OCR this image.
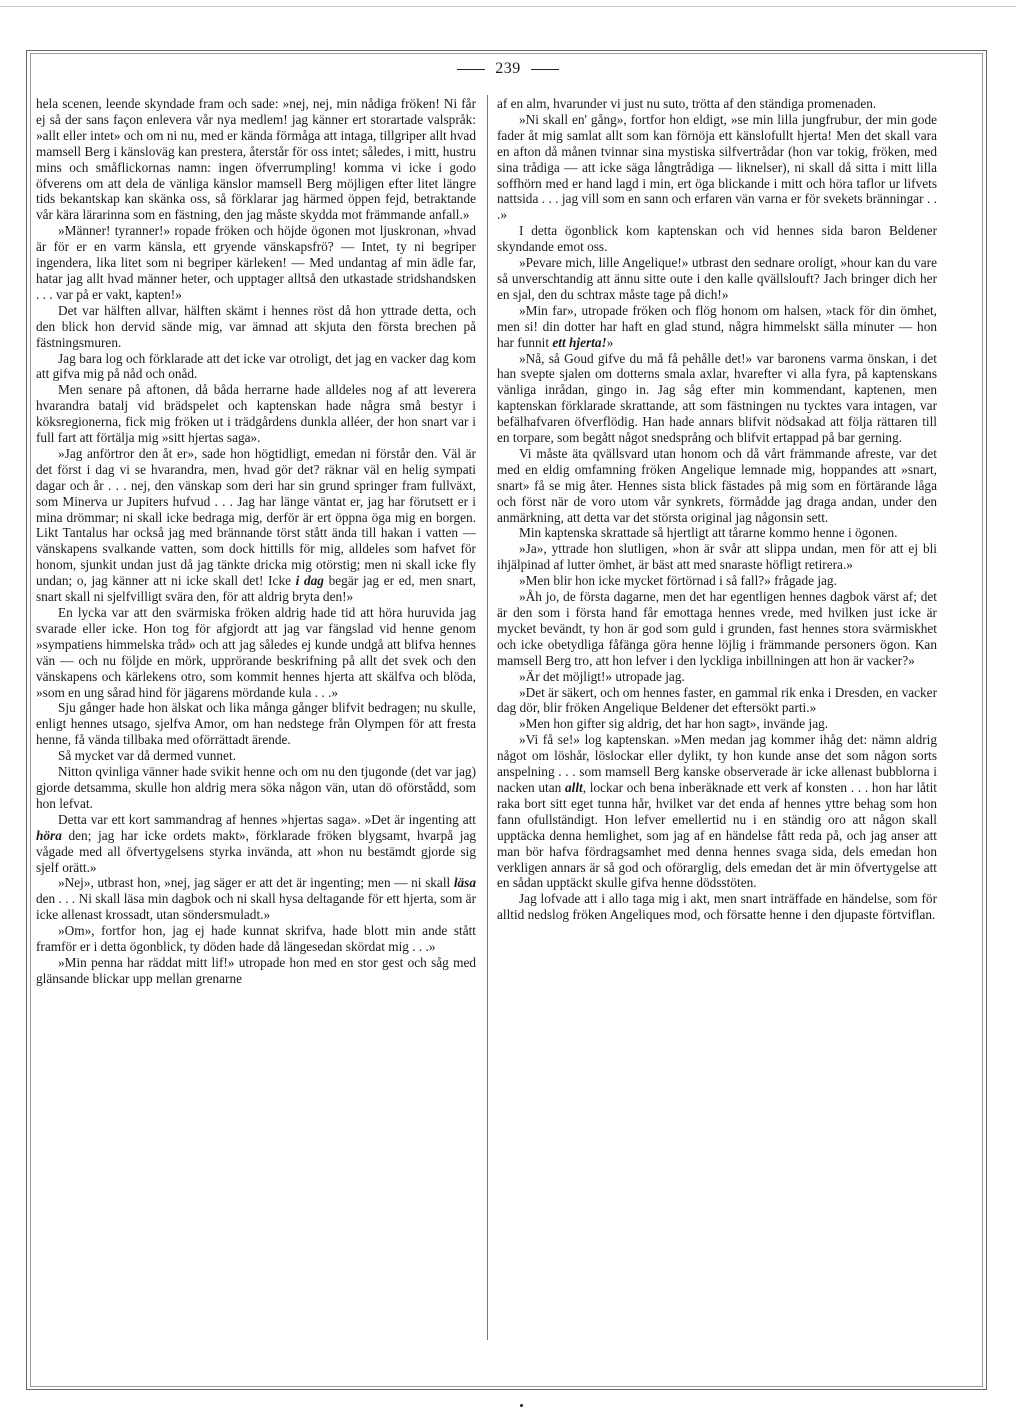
239

hela scenen, leende skyndade fram och sade: »nej, nej, min nådiga fröken! Ni får ej så der sans façon enlevera vår nya medlem! jag känner ert storartade valspråk: »allt eller intet» och om ni nu, med er kända förmåga att intaga, tillgriper allt hvad mamsell Berg i känsloväg kan prestera, återstår för oss intet; således, i mitt, hustru mins och småflickornas namn: ingen öfverrumpling! komma vi icke i godo öfverens om att dela de vänliga känslor mamsell Berg möjligen efter litet längre tids bekantskap kan skänka oss, så förklarar jag härmed öppen fejd, betraktande vår kära lärarinna som en fästning, den jag måste skydda mot främmande anfall.»

»Männer! tyranner!» ropade fröken och höjde ögonen mot ljuskronan, »hvad är för er en varm känsla, ett gryende vänskapsfrö? — Intet, ty ni begriper ingendera, lika litet som ni begriper kärleken! — Med undantag af min ädle far, hatar jag allt hvad männer heter, och upptager alltså den utkastade stridshandsken . . . var på er vakt, kapten!»

Det var hälften allvar, hälften skämt i hennes röst då hon yttrade detta, och den blick hon dervid sände mig, var ämnad att skjuta den första brechen på fästningsmuren.

Jag bara log och förklarade att det icke var otroligt, det jag en vacker dag kom att gifva mig på nåd och onåd.

Men senare på aftonen, då båda herrarne hade alldeles nog af att leverera hvarandra batalj vid brädspelet och kaptenskan hade några små bestyr i köksregionerna, fick mig fröken ut i trädgårdens dunkla alléer, der hon snart var i full fart att förtälja mig »sitt hjertas saga».

»Jag anförtror den åt er», sade hon högtidligt, emedan ni förstår den. Väl är det först i dag vi se hvarandra, men, hvad gör det? räknar väl en helig sympati dagar och år . . . nej, den vänskap som deri har sin grund springer fram fullväxt, som Minerva ur Jupiters hufvud . . . Jag har länge väntat er, jag har förutsett er i mina drömmar; ni skall icke bedraga mig, derför är ert öppna öga mig en borgen. Likt Tantalus har också jag med brännande törst stått ända till hakan i vatten — vänskapens svalkande vatten, som dock hittills för mig, alldeles som hafvet för honom, sjunkit undan just då jag tänkte dricka mig otörstig; men ni skall icke fly undan; o, jag känner att ni icke skall det! Icke i dag begär jag er ed, men snart, snart skall ni sjelfvilligt svära den, för att aldrig bryta den!»

En lycka var att den svärmiska fröken aldrig hade tid att höra huruvida jag svarade eller icke. Hon tog för afgjordt att jag var fängslad vid henne genom »sympatiens himmelska tråd» och att jag således ej kunde undgå att blifva hennes vän — och nu följde en mörk, upprörande beskrifning på allt det svek och den vänskapens och kärlekens otro, som kommit hennes hjerta att skälfva och blöda, »som en ung sårad hind för jägarens mördande kula . . .»

Sju gånger hade hon älskat och lika många gånger blifvit bedragen; nu skulle, enligt hennes utsago, sjelfva Amor, om han nedstege från Olympen för att fresta henne, få vända tillbaka med oförrättadt ärende.

Så mycket var då dermed vunnet.

Nitton qvinliga vänner hade svikit henne och om nu den tjugonde (det var jag) gjorde detsamma, skulle hon aldrig mera söka någon vän, utan dö oförstådd, som hon lefvat.

Detta var ett kort sammandrag af hennes »hjertas saga». »Det är ingenting att höra den; jag har icke ordets makt», förklarade fröken blygsamt, hvarpå jag vågade med all öfvertygelsens styrka invända, att »hon nu bestämdt gjorde sig sjelf orätt.»

»Nej», utbrast hon, »nej, jag säger er att det är ingenting; men — ni skall läsa den . . . Ni skall läsa min dagbok och ni skall hysa deltagande för ett hjerta, som är icke allenast krossadt, utan söndersmuladt.»

»Om», fortfor hon, jag ej hade kunnat skrifva, hade blott min ande stått framför er i detta ögonblick, ty döden hade då längesedan skördat mig . . .»

»Min penna har räddat mitt lif!» utropade hon med en stor gest och såg med glänsande blickar upp mellan grenarne

af en alm, hvarunder vi just nu suto, trötta af den ständiga promenaden.

»Ni skall en' gång», fortfor hon eldigt, »se min lilla jungfrubur, der min gode fader åt mig samlat allt som kan förnöja ett känslofullt hjerta! Men det skall vara en afton då månen tvinnar sina mystiska silfvertrådar (hon var tokig, fröken, med sina trådiga — att icke säga långtrådiga — liknelser), ni skall då sitta i mitt lilla soffhörn med er hand lagd i min, ert öga blickande i mitt och höra taflor ur lifvets nattsida . . . jag vill som en sann och erfaren vän varna er för svekets bränningar . . .»

I detta ögonblick kom kaptenskan och vid hennes sida baron Beldener skyndande emot oss.

»Pevare mich, lille Angelique!» utbrast den sednare oroligt, »hour kan du vare så unverschtandig att ännu sitte oute i den kalle qvällslouft? Jach bringer dich her en sjal, den du schtrax måste tage på dich!»

»Min far», utropade fröken och flög honom om halsen, »tack för din ömhet, men si! din dotter har haft en glad stund, några himmelskt sälla minuter — hon har funnit ett hjerta!»

»Nå, så Goud gifve du må få pehålle det!» var baronens varma önskan, i det han svepte sjalen om dotterns smala axlar, hvarefter vi alla fyra, på kaptenskans vänliga inrådan, gingo in. Jag såg efter min kommendant, kaptenen, men kaptenskan förklarade skrattande, att som fästningen nu tycktes vara intagen, var befälhafvaren öfverflödig. Han hade annars blifvit nödsakad att följa rättaren till en torpare, som begått något snedsprång och blifvit ertappad på bar gerning.

Vi måste äta qvällsvard utan honom och då vårt främmande afreste, var det med en eldig omfamning fröken Angelique lemnade mig, hoppandes att »snart, snart» få se mig åter. Hennes sista blick fästades på mig som en förtärande låga och först när de voro utom vår synkrets, förmådde jag draga andan, under den anmärkning, att detta var det största original jag någonsin sett.

Min kaptenska skrattade så hjertligt att tårarne kommo henne i ögonen.

»Ja», yttrade hon slutligen, »hon är svår att slippa undan, men för att ej bli ihjälpinad af lutter ömhet, är bäst att med snaraste höfligt retirera.»

»Men blir hon icke mycket förtörnad i så fall?» frågade jag.

»Åh jo, de första dagarne, men det har egentligen hennes dagbok värst af; det är den som i första hand får emottaga hennes vrede, med hvilken just icke är mycket bevändt, ty hon är god som guld i grunden, fast hennes stora svärmiskhet och icke obetydliga fåfänga göra henne löjlig i främmande personers ögon. Kan mamsell Berg tro, att hon lefver i den lyckliga inbillningen att hon är vacker?»

»Är det möjligt!» utropade jag.

»Det är säkert, och om hennes faster, en gammal rik enka i Dresden, en vacker dag dör, blir fröken Angelique Beldener det eftersökt parti.»

»Men hon gifter sig aldrig, det har hon sagt», invände jag.

»Vi få se!» log kaptenskan. »Men medan jag kommer ihåg det: nämn aldrig något om löshår, löslockar eller dylikt, ty hon kunde anse det som någon sorts anspelning . . . som mamsell Berg kanske observerade är icke allenast bubblorna i nacken utan allt, lockar och bena inberäknade ett verk af konsten . . . hon har låtit raka bort sitt eget tunna hår, hvilket var det enda af hennes yttre behag som hon fann ofullständigt. Hon lefver emellertid nu i en ständig oro att någon skall upptäcka denna hemlighet, som jag af en händelse fått reda på, och jag anser att man bör hafva fördragsamhet med denna hennes svaga sida, dels emedan hon verkligen annars är så god och oförarglig, dels emedan det är min öfvertygelse att en sådan upptäckt skulle gifva henne dödsstöten.

Jag lofvade att i allo taga mig i akt, men snart inträffade en händelse, som för alltid nedslog fröken Angeliques mod, och försatte henne i den djupaste förtviflan.
